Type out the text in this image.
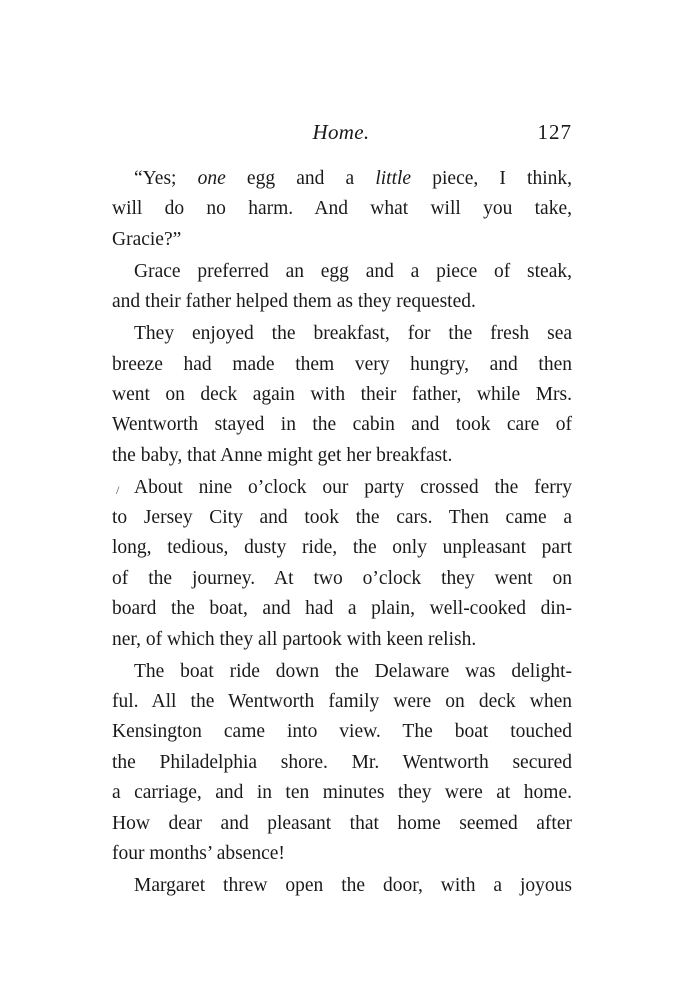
Home.	127
/
“Yes; one egg and a little piece, I think,
will do no harm. And what will you take,
Gracie?”
Grace preferred an egg and a piece of steak,
and their father helped them as they requested.
They enjoyed the breakfast, for the fresh sea
breeze had made them very hungry, and then
went on deck again with their father, while Mrs.
Wentworth stayed in the cabin and took care of
the baby, that Anne might get her breakfast.
About nine o’clock our party crossed the ferry
to Jersey City and took the cars. Then came a
long, tedious, dusty ride, the only unpleasant part
of the journey. At two o’clock they went on
board the boat, and had a plain, well-cooked din-
ner, of which they all partook with keen relish.
The boat ride down the Delaware was delight-
ful. All the Wentworth family were on deck when
Kensington came into view. The boat touched
the Philadelphia shore. Mr. Wentworth secured
a carriage, and in ten minutes they were at home.
How dear and pleasant that home seemed after
four months’ absence!
Margaret threw open the door, with a joyous
